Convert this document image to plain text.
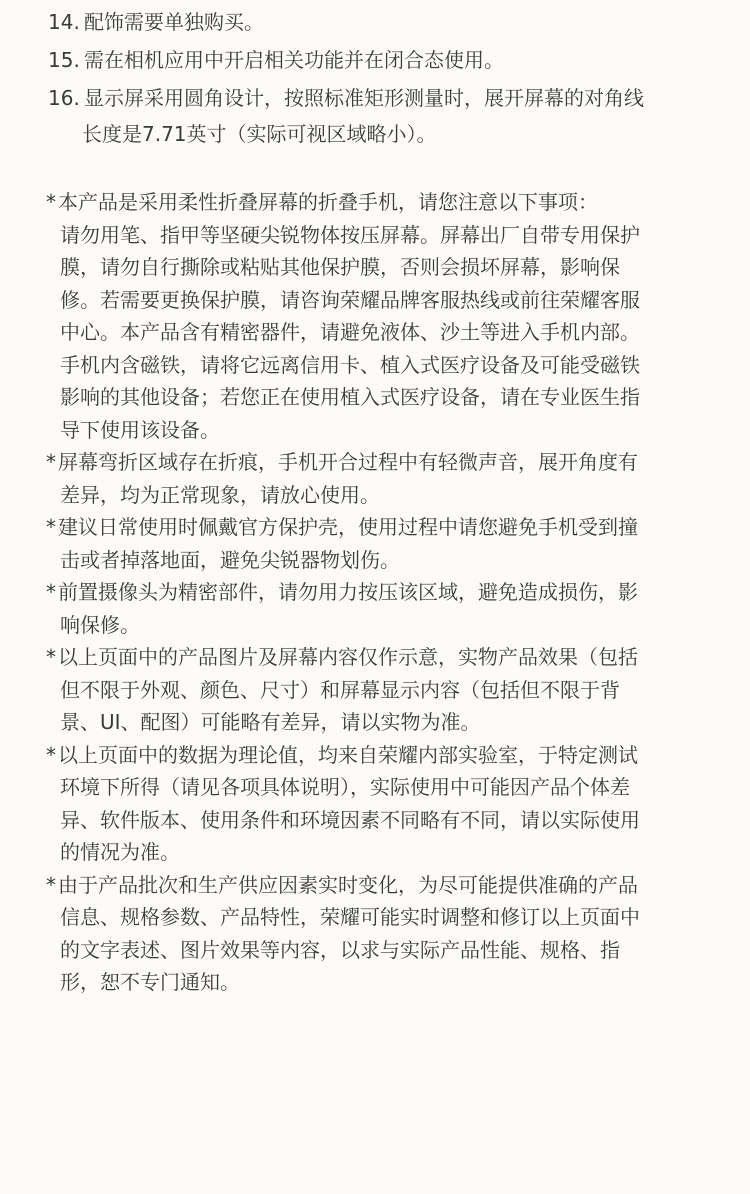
14. 配饰需要单独购买。
15. 需在相机应用中开启相关功能并在闭合态使用。
16. 显示屏采用圆角设计，按照标准矩形测量时，展开屏幕的对角线
长度是7.71英寸（实际可视区域略小）。
* 本产品是采用柔性折叠屏幕的折叠手机，请您注意以下事项：
请勿用笔、指甲等坚硬尖锐物体按压屏幕。屏幕出厂自带专用保护
膜，请勿自行撕除或粘贴其他保护膜，否则会损坏屏幕，影响保
修。若需要更换保护膜，请咨询荣耀品牌客服热线或前往荣耀客服
中心。本产品含有精密器件，请避免液体、沙土等进入手机内部。
手机内含磁铁，请将它远离信用卡、植入式医疗设备及可能受磁铁
影响的其他设备；若您正在使用植入式医疗设备，请在专业医生指
导下使用该设备。
* 屏幕弯折区域存在折痕，手机开合过程中有轻微声音，展开角度有
差异，均为正常现象，请放心使用。
* 建议日常使用时佩戴官方保护壳，使用过程中请您避免手机受到撞
击或者掉落地面，避免尖锐器物划伤。
* 前置摄像头为精密部件，请勿用力按压该区域，避免造成损伤，影
响保修。
* 以上页面中的产品图片及屏幕内容仅作示意，实物产品效果（包括
但不限于外观、颜色、尺寸）和屏幕显示内容（包括但不限于背
景、UI、配图）可能略有差异，请以实物为准。
* 以上页面中的数据为理论值，均来自荣耀内部实验室，于特定测试
环境下所得（请见各项具体说明），实际使用中可能因产品个体差
异、软件版本、使用条件和环境因素不同略有不同，请以实际使用
的情况为准。
* 由于产品批次和生产供应因素实时变化，为尽可能提供准确的产品
信息、规格参数、产品特性，荣耀可能实时调整和修订以上页面中
的文字表述、图片效果等内容，以求与实际产品性能、规格、指
形，恕不专门通知。
